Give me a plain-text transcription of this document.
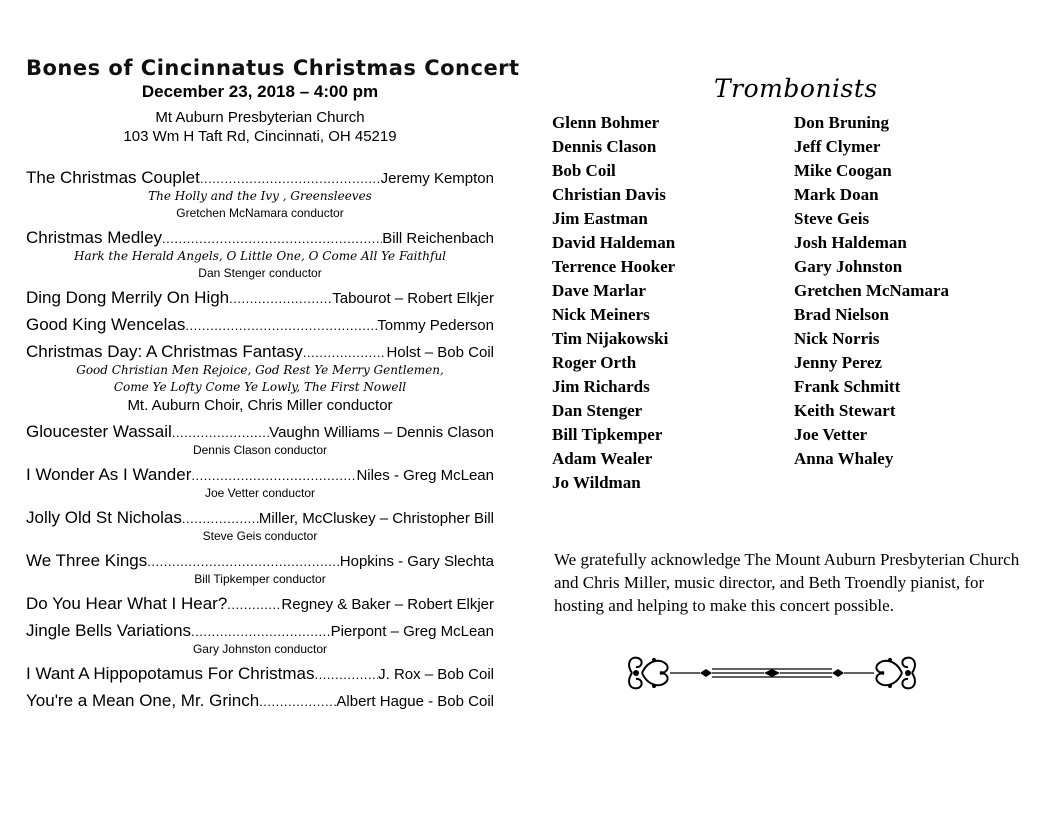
Bones of Cincinnatus Christmas Concert
December 23, 2018 – 4:00 pm
Mt Auburn Presbyterian Church
103 Wm H Taft Rd, Cincinnati, OH 45219
The Christmas Couplet .....	Jeremy Kempton
The Holly and the Ivy , Greensleeves
Gretchen McNamara conductor
Christmas Medley .....	Bill Reichenbach
Hark the Herald Angels, O Little One, O Come All Ye Faithful
Dan Stenger conductor
Ding Dong Merrily On High .....	Tabourot – Robert Elkjer
Good King Wencelas .....	Tommy Pederson
Christmas Day: A Christmas Fantasy .....	Holst – Bob Coil
Good Christian Men Rejoice, God Rest Ye Merry Gentlemen,
Come Ye Lofty Come Ye Lowly, The First Nowell
Mt. Auburn Choir, Chris Miller conductor
Gloucester Wassail .....	Vaughn Williams – Dennis Clason
Dennis Clason conductor
I Wonder As I Wander .....	Niles - Greg McLean
Joe Vetter conductor
Jolly Old St Nicholas .....	Miller, McCluskey – Christopher Bill
Steve Geis conductor
We Three Kings .....	Hopkins - Gary Slechta
Bill Tipkemper conductor
Do You Hear What I Hear? .....	Regney & Baker – Robert Elkjer
Jingle Bells Variations .....	Pierpont – Greg McLean
Gary Johnston conductor
I Want A Hippopotamus For Christmas .....	J. Rox – Bob Coil
You're a Mean One, Mr. Grinch .....	Albert Hague - Bob Coil
Trombonists
Glenn Bohmer
Dennis Clason
Bob Coil
Christian Davis
Jim Eastman
David Haldeman
Terrence Hooker
Dave Marlar
Nick Meiners
Tim Nijakowski
Roger Orth
Jim Richards
Dan Stenger
Bill Tipkemper
Adam Wealer
Jo Wildman
Don Bruning
Jeff Clymer
Mike Coogan
Mark Doan
Steve Geis
Josh Haldeman
Gary Johnston
Gretchen McNamara
Brad Nielson
Nick Norris
Jenny Perez
Frank Schmitt
Keith Stewart
Joe Vetter
Anna Whaley
We gratefully acknowledge The Mount Auburn Presbyterian Church and Chris Miller, music director, and Beth Troendly pianist, for hosting and helping to make this concert possible.
